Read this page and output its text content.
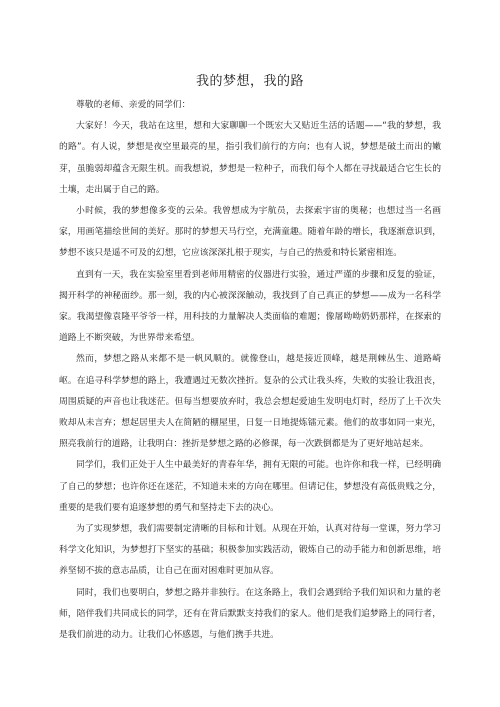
我的梦想，我的路

尊敬的老师、亲爱的同学们：

大家好！今天，我站在这里，想和大家聊聊一个既宏大又贴近生活的话题——“我的梦想，我的路”。有人说，梦想是夜空里最亮的星，指引我们前行的方向；也有人说，梦想是破土而出的嫩芽，虽脆弱却蕴含无限生机。而我想说，梦想是一粒种子，而我们每个人都在寻找最适合它生长的土壤，走出属于自己的路。

小时候，我的梦想像多变的云朵。我曾想成为宇航员，去探索宇宙的奥秘；也想过当一名画家，用画笔描绘世间的美好。那时的梦想天马行空，充满童趣。随着年龄的增长，我逐渐意识到，梦想不该只是遥不可及的幻想，它应该深深扎根于现实，与自己的热爱和特长紧密相连。

直到有一天，我在实验室里看到老师用精密的仪器进行实验，通过严谨的步骤和反复的验证，揭开科学的神秘面纱。那一刻，我的内心被深深触动，我找到了自己真正的梦想——成为一名科学家。我渴望像袁隆平爷爷一样，用科技的力量解决人类面临的难题；像屠呦呦奶奶那样，在探索的道路上不断突破，为世界带来希望。

然而，梦想之路从来都不是一帆风顺的。就像登山，越是接近顶峰，越是荆棘丛生、道路崎岖。在追寻科学梦想的路上，我遭遇过无数次挫折。复杂的公式让我头疼，失败的实验让我沮丧，周围质疑的声音也让我迷茫。但每当想要放弃时，我总会想起爱迪生发明电灯时，经历了上千次失败却从未言弃；想起居里夫人在简陋的棚屋里，日复一日地提炼镭元素。他们的故事如同一束光，照亮我前行的道路，让我明白：挫折是梦想之路的必修课，每一次跌倒都是为了更好地站起来。

同学们，我们正处于人生中最美好的青春年华，拥有无限的可能。也许你和我一样，已经明确了自己的梦想；也许你还在迷茫，不知道未来的方向在哪里。但请记住，梦想没有高低贵贱之分，重要的是我们要有追逐梦想的勇气和坚持走下去的决心。

为了实现梦想，我们需要制定清晰的目标和计划。从现在开始，认真对待每一堂课，努力学习科学文化知识，为梦想打下坚实的基础；积极参加实践活动，锻炼自己的动手能力和创新思维，培养坚韧不拔的意志品质，让自己在面对困难时更加从容。

同时，我们也要明白，梦想之路并非独行。在这条路上，我们会遇到给予我们知识和力量的老师，陪伴我们共同成长的同学，还有在背后默默支持我们的家人。他们是我们追梦路上的同行者，是我们前进的动力。让我们心怀感恩，与他们携手共进。
